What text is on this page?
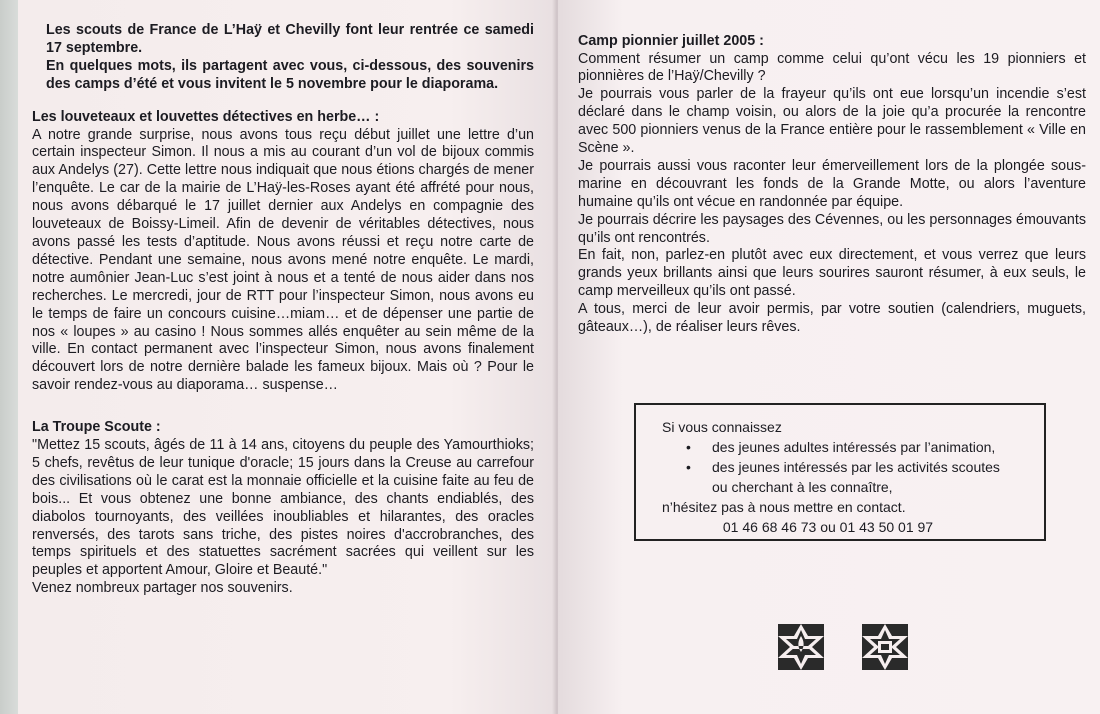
Les scouts de France de L’Haÿ et Chevilly font leur rentrée ce samedi 17 septembre.

En quelques mots, ils partagent avec vous, ci-dessous, des souvenirs des camps d’été et vous invitent le 5 novembre pour le diaporama.

Les louveteaux et louvettes détectives en herbe… :

A notre grande surprise, nous avons tous reçu début juillet une lettre d’un certain inspecteur Simon. Il nous a mis au courant d’un vol de bijoux commis aux Andelys (27). Cette lettre nous indiquait que nous étions chargés de mener l’enquête. Le car de la mairie de L’Haÿ-les-Roses ayant été affrété pour nous, nous avons débarqué le 17 juillet dernier aux Andelys en compagnie des louveteaux de Boissy-Limeil. Afin de devenir de véritables détectives, nous avons passé les tests d’aptitude. Nous avons réussi et reçu notre carte de détective. Pendant une semaine, nous avons mené notre enquête. Le mardi, notre aumônier Jean-Luc s’est joint à nous et a tenté de nous aider dans nos recherches. Le mercredi, jour de RTT pour l’inspecteur Simon, nous avons eu le temps de faire un concours cuisine…miam… et de dépenser une partie de nos « loupes » au casino ! Nous sommes allés enquêter au sein même de la ville. En contact permanent avec l’inspecteur Simon, nous avons finalement découvert lors de notre dernière balade les fameux bijoux. Mais où ? Pour le savoir rendez-vous au diaporama… suspense…

La Troupe Scoute :

"Mettez 15 scouts, âgés de 11 à 14 ans, citoyens du peuple des Yamourthioks; 5 chefs, revêtus de leur tunique d'oracle; 15 jours dans la Creuse au carrefour des civilisations où le carat est la monnaie officielle et la cuisine faite au feu de bois... Et vous obtenez une bonne ambiance, des chants endiablés, des diabolos tournoyants, des veillées inoubliables et hilarantes, des oracles renversés, des tarots sans triche, des pistes noires d'accrobranches, des temps spirituels et des statuettes sacrément sacrées qui veillent sur les peuples et apportent Amour, Gloire et Beauté."

Venez nombreux partager nos souvenirs.

Camp pionnier juillet 2005 :

Comment résumer un camp comme celui qu’ont vécu les 19 pionniers et pionnières de l’Haÿ/Chevilly ?

Je pourrais vous parler de la frayeur qu’ils ont eue lorsqu’un incendie s’est déclaré dans le champ voisin, ou alors de la joie qu’a procurée la rencontre avec 500 pionniers venus de la France entière pour le rassemblement « Ville en Scène ».

Je pourrais aussi vous raconter leur émerveillement lors de la plongée sous-marine en découvrant les fonds de la Grande Motte, ou alors l’aventure humaine qu’ils ont vécue en randonnée par équipe.

Je pourrais décrire les paysages des Cévennes, ou les personnages émouvants qu’ils ont rencontrés.

En fait, non, parlez-en plutôt avec eux directement, et vous verrez que leurs grands yeux brillants ainsi que leurs sourires sauront résumer, à eux seuls, le camp merveilleux qu’ils ont passé.

A tous, merci de leur avoir permis, par votre soutien (calendriers, muguets, gâteaux…), de réaliser leurs rêves.

Si vous connaissez
• des jeunes adultes intéressés par l’animation,
• des jeunes intéressés par les activités scoutes
ou cherchant à les connaître,
n’hésitez pas à nous mettre en contact.
01 46 68 46 73 ou 01 43 50 01 97
